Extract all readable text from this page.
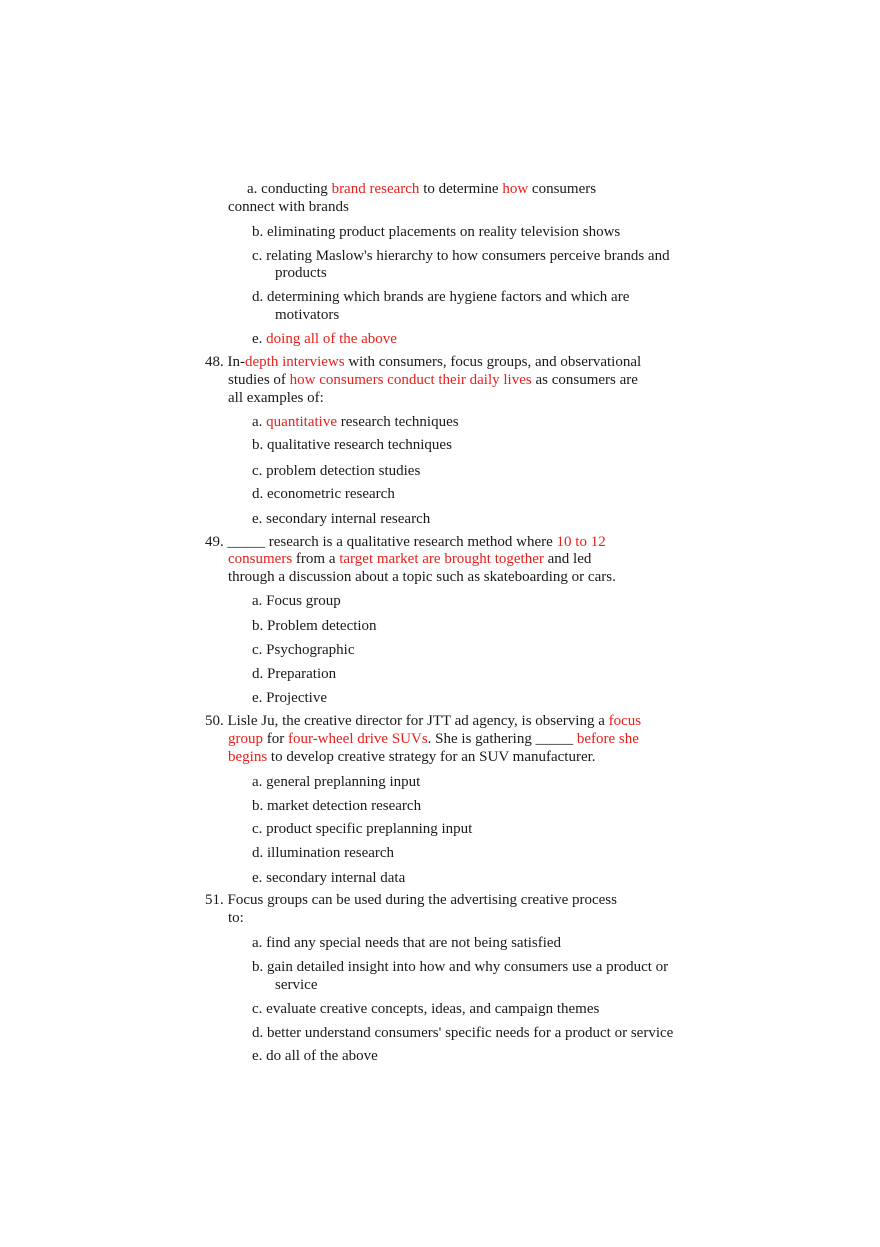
a. conducting brand research to determine how consumers
connect with brands
b. eliminating product placements on reality television shows
c. relating Maslow's hierarchy to how consumers perceive brands and
products
d. determining which brands are hygiene factors and which are
motivators
e. doing all of the above
48. In-depth interviews with consumers, focus groups, and observational
studies of how consumers conduct their daily lives as consumers are
all examples of:
a. quantitative research techniques
b. qualitative research techniques
c. problem detection studies
d. econometric research
e. secondary internal research
49. _____ research is a qualitative research method where 10 to 12
consumers from a target market are brought together and led
through a discussion about a topic such as skateboarding or cars.
a. Focus group
b. Problem detection
c. Psychographic
d. Preparation
e. Projective
50. Lisle Ju, the creative director for JTT ad agency, is observing a focus
group for four-wheel drive SUVs. She is gathering _____ before she
begins to develop creative strategy for an SUV manufacturer.
a. general preplanning input
b. market detection research
c. product specific preplanning input
d. illumination research
e. secondary internal data
51. Focus groups can be used during the advertising creative process
to:
a. find any special needs that are not being satisfied
b. gain detailed insight into how and why consumers use a product or
service
c. evaluate creative concepts, ideas, and campaign themes
d. better understand consumers' specific needs for a product or service
e. do all of the above
